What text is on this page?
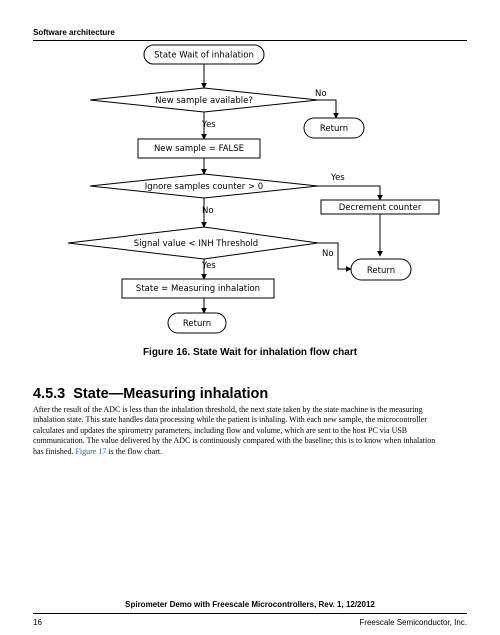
Software architecture
State Wait of inhalation
New sample available?
No
Return
Yes
New sample = FALSE
Ignore samples counter > 0
Yes
Decrement counter
No
Signal value < INH Threshold
No
Return
Yes
State = Measuring inhalation
Return
Figure 16. State Wait for inhalation flow chart
4.5.3 State—Measuring inhalation

After the result of the ADC is less than the inhalation threshold, the next state taken by the state machine is the measuring
inhalation state. This state handles data processing while the patient is inhaling. With each new sample, the microcontroller
calculates and updates the spirometry parameters, including flow and volume, which are sent to the host PC via USB
communication. The value delivered by the ADC is continuously compared with the baseline; this is to know when inhalation
has finished. Figure 17 is the flow chart.

Spirometer Demo with Freescale Microcontrollers, Rev. 1, 12/2012
16	Freescale Semiconductor, Inc.
